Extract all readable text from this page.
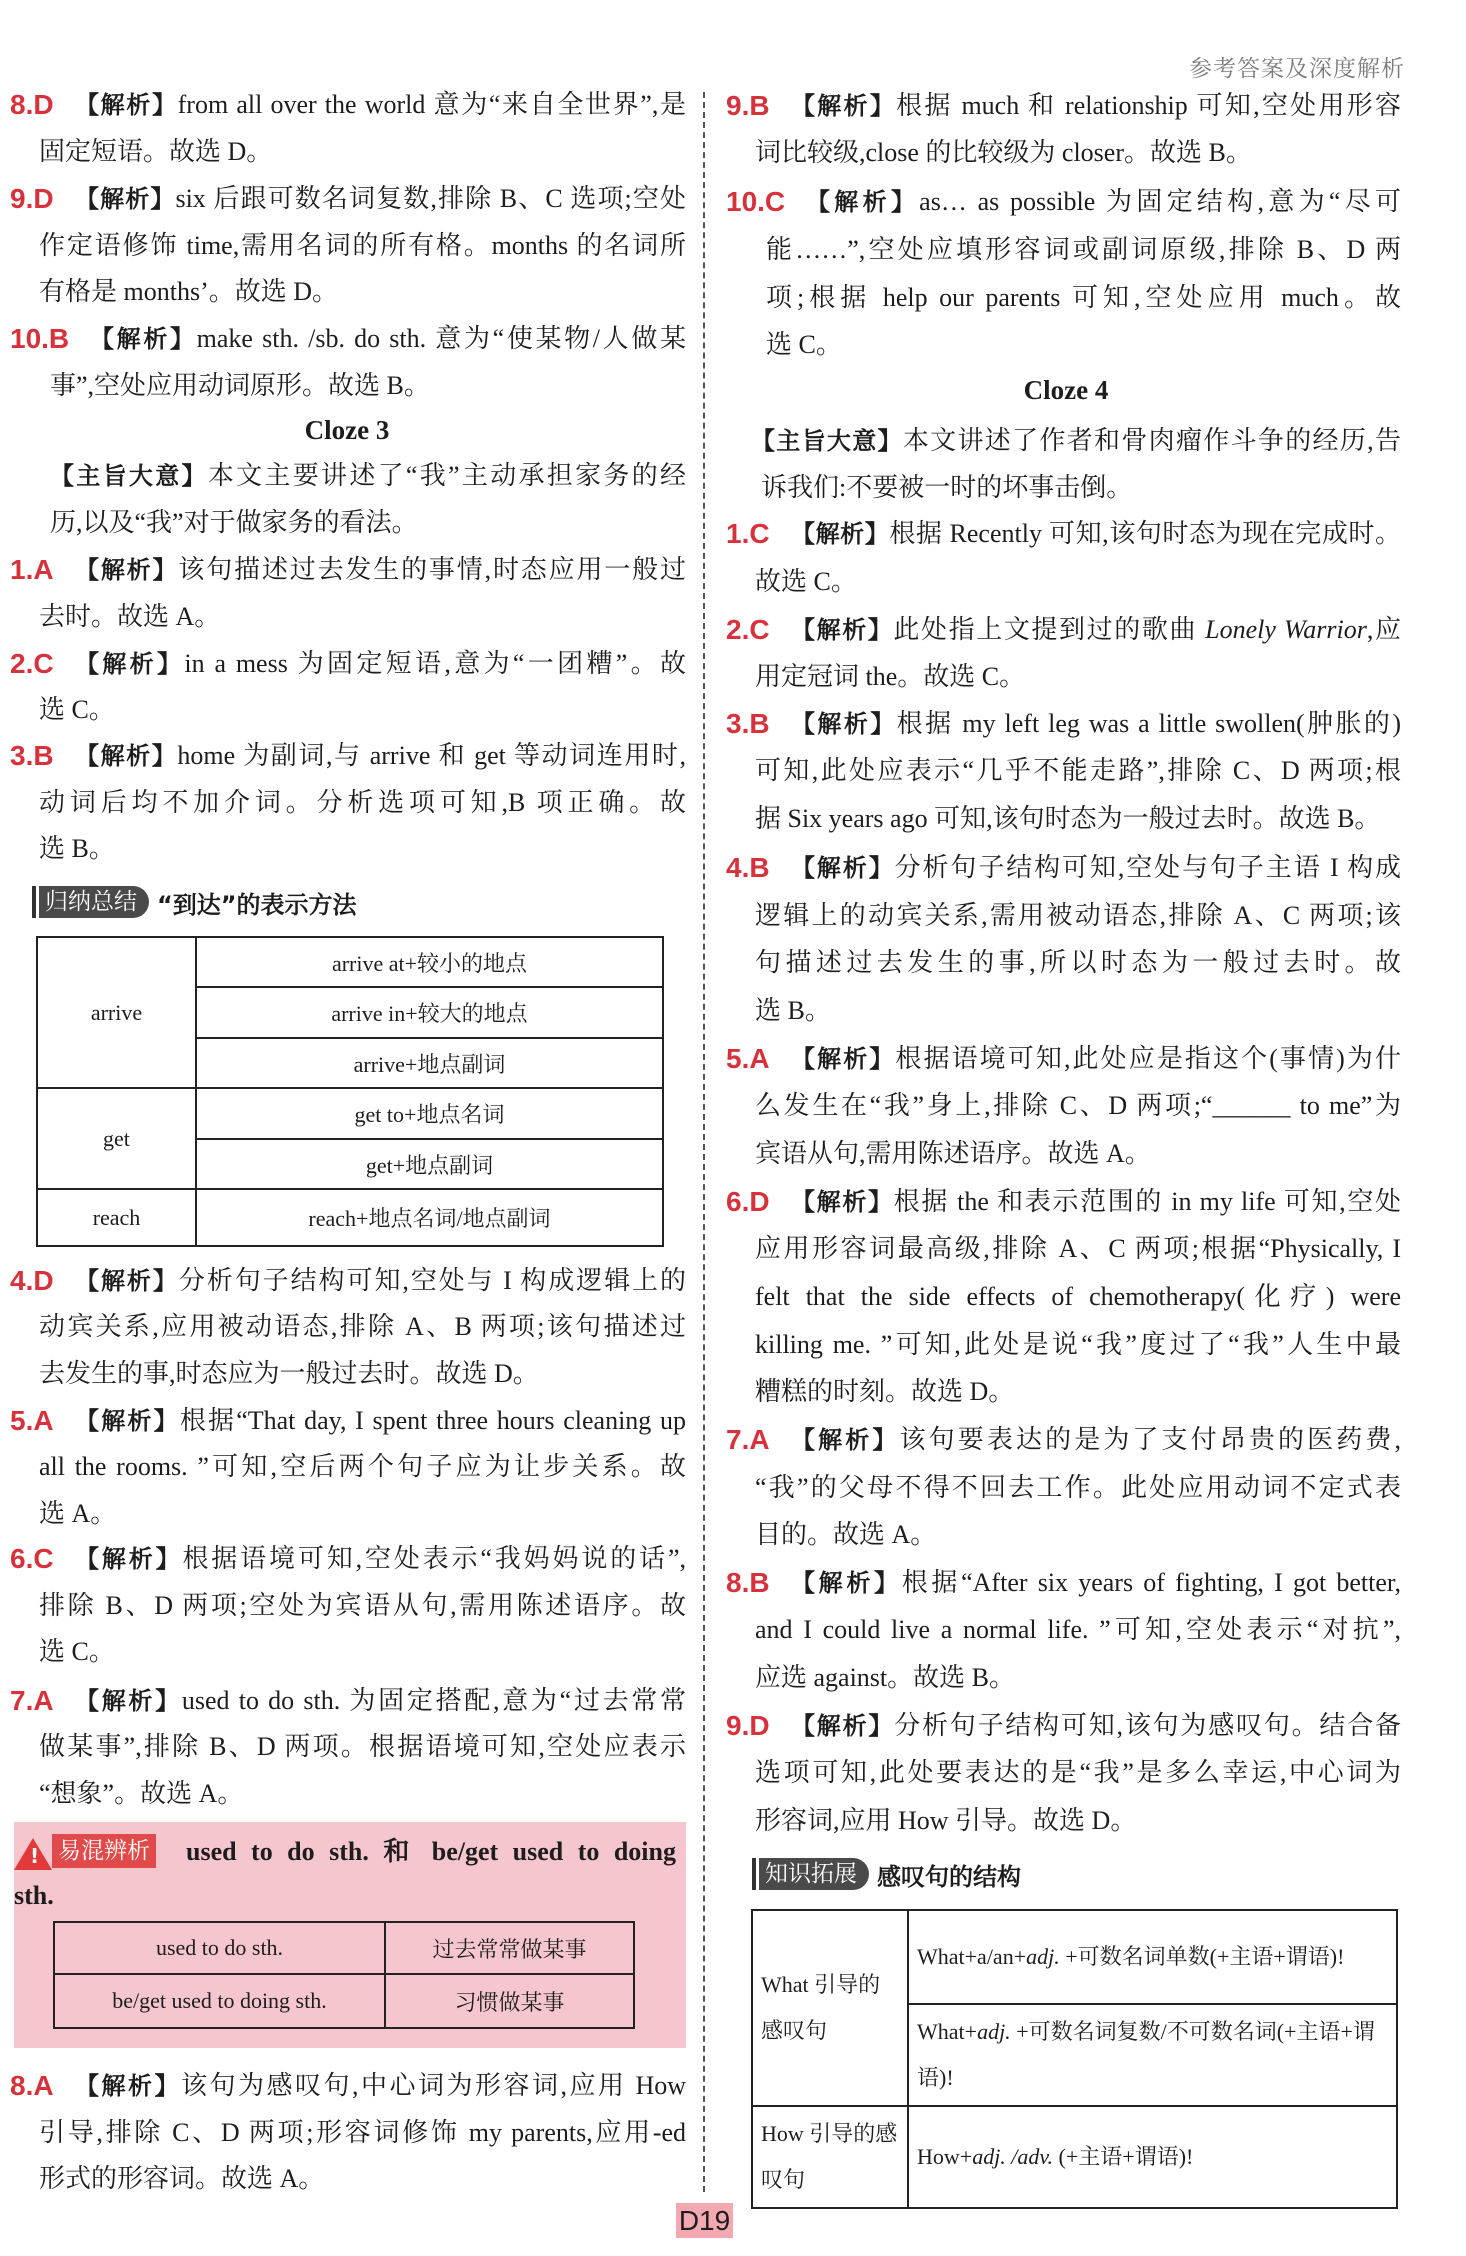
参考答案及深度解析
8.D 【解析】from all over the world 意为“来自全世界”,是
固定短语。故选 D。
9.D 【解析】six 后跟可数名词复数,排除 B、C 选项;空处
作定语修饰 time,需用名词的所有格。months 的名词所
有格是 months’。故选 D。
10.B 【解析】make sth. /sb. do sth. 意为“使某物/人做某
事”,空处应用动词原形。故选 B。
Cloze 3
【主旨大意】本文主要讲述了“我”主动承担家务的经
历,以及“我”对于做家务的看法。
1.A 【解析】该句描述过去发生的事情,时态应用一般过
去时。故选 A。
2.C 【解析】in a mess 为固定短语,意为“一团糟”。故
选 C。
3.B 【解析】home 为副词,与 arrive 和 get 等动词连用时,
动词后均不加介词。分析选项可知,B 项正确。故
选 B。
4.D 【解析】分析句子结构可知,空处与 I 构成逻辑上的
动宾关系,应用被动语态,排除 A、B 两项;该句描述过
去发生的事,时态应为一般过去时。故选 D。
5.A 【解析】根据“That day, I spent three hours cleaning up
all the rooms. ”可知,空后两个句子应为让步关系。故
选 A。
6.C 【解析】根据语境可知,空处表示“我妈妈说的话”,
排除 B、D 两项;空处为宾语从句,需用陈述语序。故
选 C。
7.A 【解析】used to do sth. 为固定搭配,意为“过去常常
做某事”,排除 B、D 两项。根据语境可知,空处应表示
“想象”。故选 A。
8.A 【解析】该句为感叹句,中心词为形容词,应用 How
引导,排除 C、D 两项;形容词修饰 my parents,应用-ed
形式的形容词。故选 A。
9.B 【解析】根据 much 和 relationship 可知,空处用形容
词比较级,close 的比较级为 closer。故选 B。
10.C 【解析】as… as possible 为固定结构,意为“尽可
能……”,空处应填形容词或副词原级,排除 B、D 两
项;根据 help our parents 可知,空处应用 much。故
选 C。
Cloze 4
【主旨大意】本文讲述了作者和骨肉瘤作斗争的经历,告
诉我们:不要被一时的坏事击倒。
1.C 【解析】根据 Recently 可知,该句时态为现在完成时。
故选 C。
2.C 【解析】此处指上文提到过的歌曲 Lonely Warrior,应
用定冠词 the。故选 C。
3.B 【解析】根据 my left leg was a little swollen(肿胀的)
可知,此处应表示“几乎不能走路”,排除 C、D 两项;根
据 Six years ago 可知,该句时态为一般过去时。故选 B。
4.B 【解析】分析句子结构可知,空处与句子主语 I 构成
逻辑上的动宾关系,需用被动语态,排除 A、C 两项;该
句描述过去发生的事,所以时态为一般过去时。故
选 B。
5.A 【解析】根据语境可知,此处应是指这个(事情)为什
么发生在“我”身上,排除 C、D 两项;“______ to me”为
宾语从句,需用陈述语序。故选 A。
6.D 【解析】根据 the 和表示范围的 in my life 可知,空处
应用形容词最高级,排除 A、C 两项;根据“Physically, I
felt that the side effects of chemotherapy(化疗) were
killing me. ”可知,此处是说“我”度过了“我”人生中最
糟糕的时刻。故选 D。
7.A 【解析】该句要表达的是为了支付昂贵的医药费,
“我”的父母不得不回去工作。此处应用动词不定式表
目的。故选 A。
8.B 【解析】根据“After six years of fighting, I got better,
and I could live a normal life. ”可知,空处表示“对抗”,
应选 against。故选 B。
9.D 【解析】分析句子结构可知,该句为感叹句。结合备
选项可知,此处要表达的是“我”是多么幸运,中心词为
形容词,应用 How 引导。故选 D。
归纳总结 “到达”的表示方法
arrive	arrive at+较小的地点
	arrive in+较大的地点
	arrive+地点副词
get	get to+地点名词
	get+地点副词
reach	reach+地点名词/地点副词
! 易混辨析 used to do sth. 和 be/get used to doing
sth.
used to do sth.	过去常常做某事
be/get used to doing sth.	习惯做某事
知识拓展 感叹句的结构
What 引导的感叹句	What+a/an+adj. +可数名词单数(+主语+谓语)!
	What+adj. +可数名词复数/不可数名词(+主语+谓语)!
How 引导的感叹句	How+adj. /adv. (+主语+谓语)!
D19
